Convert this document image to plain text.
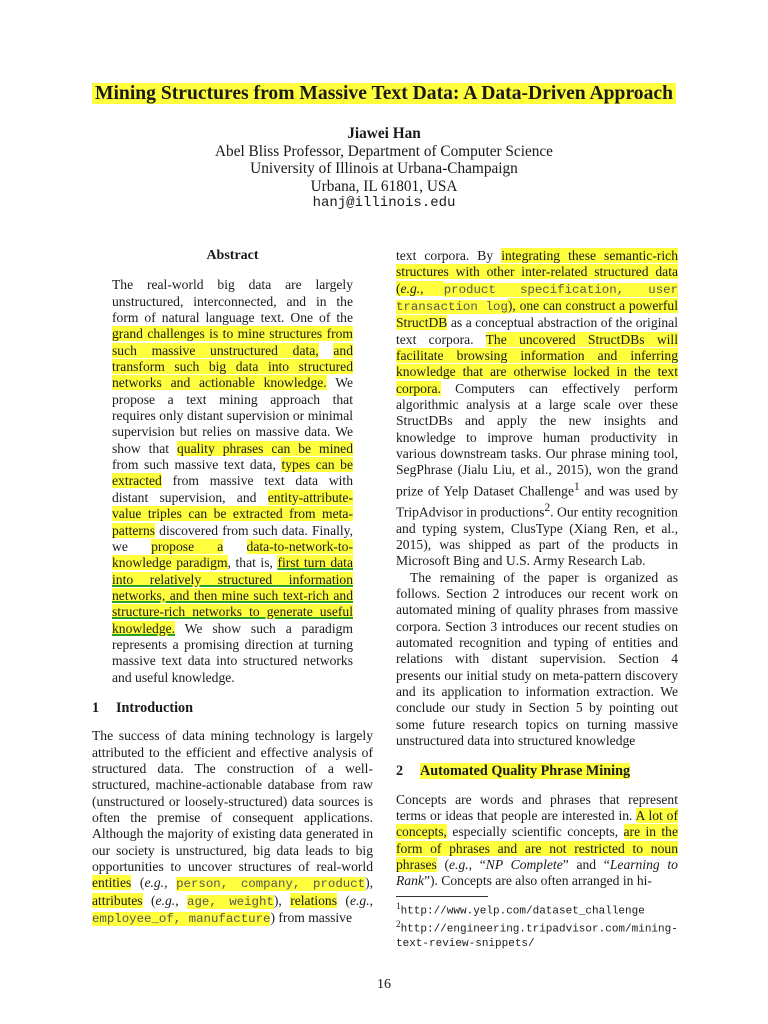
Mining Structures from Massive Text Data: A Data-Driven Approach
Jiawei Han
Abel Bliss Professor, Department of Computer Science
University of Illinois at Urbana-Champaign
Urbana, IL 61801, USA
hanj@illinois.edu

Abstract

The real-world big data are largely unstructured, interconnected, and in the form of natural language text. One of the grand challenges is to mine structures from such massive unstructured data, and transform such big data into structured networks and actionable knowledge. We propose a text mining approach that requires only distant supervision or minimal supervision but relies on massive data. We show that quality phrases can be mined from such massive text data, types can be extracted from massive text data with distant supervision, and entity-attribute-value triples can be extracted from meta-patterns discovered from such data. Finally, we propose a data-to-network-to-knowledge paradigm, that is, first turn data into relatively structured information networks, and then mine such text-rich and structure-rich networks to generate useful knowledge. We show such a paradigm represents a promising direction at turning massive text data into structured networks and useful knowledge.

1 Introduction

The success of data mining technology is largely attributed to the efficient and effective analysis of structured data. The construction of a well-structured, machine-actionable database from raw (unstructured or loosely-structured) data sources is often the premise of consequent applications. Although the majority of existing data generated in our society is unstructured, big data leads to big opportunities to uncover structures of real-world entities (e.g., person, company, product), attributes (e.g., age, weight), relations (e.g., employee_of, manufacture) from massive

text corpora. By integrating these semantic-rich structures with other inter-related structured data (e.g., product specification, user transaction log), one can construct a powerful StructDB as a conceptual abstraction of the original text corpora. The uncovered StructDBs will facilitate browsing information and inferring knowledge that are otherwise locked in the text corpora. Computers can effectively perform algorithmic analysis at a large scale over these StructDBs and apply the new insights and knowledge to improve human productivity in various downstream tasks. Our phrase mining tool, SegPhrase (Jialu Liu, et al., 2015), won the grand prize of Yelp Dataset Challenge$^1$ and was used by TripAdvisor in productions$^2$. Our entity recognition and typing system, ClusType (Xiang Ren, et al., 2015), was shipped as part of the products in Microsoft Bing and U.S. Army Research Lab.

The remaining of the paper is organized as follows. Section 2 introduces our recent work on automated mining of quality phrases from massive corpora. Section 3 introduces our recent studies on automated recognition and typing of entities and relations with distant supervision. Section 4 presents our initial study on meta-pattern discovery and its application to information extraction. We conclude our study in Section 5 by pointing out some future research topics on turning massive unstructured data into structured knowledge

2 Automated Quality Phrase Mining

Concepts are words and phrases that represent terms or ideas that people are interested in. A lot of concepts, especially scientific concepts, are in the form of phrases and are not restricted to noun phrases (e.g., “NP Complete” and “Learning to Rank”). Concepts are also often arranged in hi-

$^1$http://www.yelp.com/dataset_challenge

$^2$http://engineering.tripadvisor.com/mining-text-review-snippets/

16
